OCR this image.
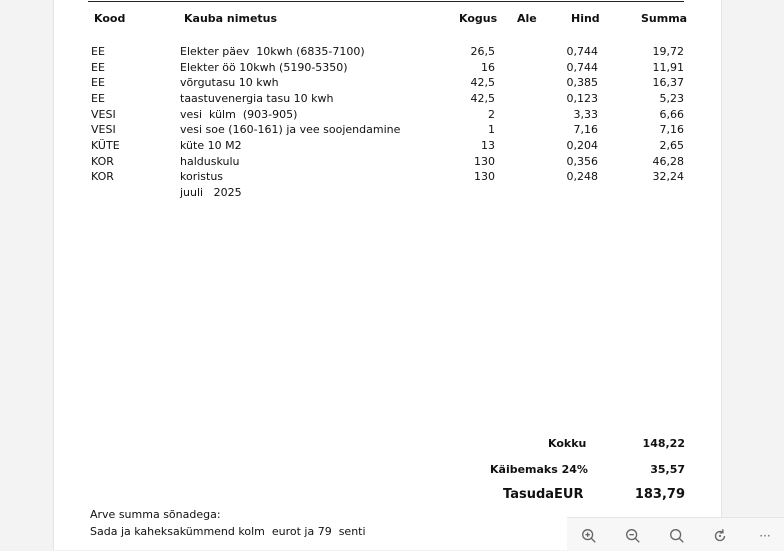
Kood	Kauba nimetus	Kogus Ale	Hind	Summa
EE	Elekter päev  10kwh (6835-7100)	26,5	0,744	19,72
EE	Elekter öö 10kwh (5190-5350)	16	0,744	11,91
EE	võrgutasu 10 kwh	42,5	0,385	16,37
EE	taastuvenergia tasu 10 kwh	42,5	0,123	5,23
VESI	vesi  külm  (903-905)	2	3,33	6,66
VESI	vesi soe (160-161) ja vee soojendamine	1	7,16	7,16
KÜTE	küte 10 M2	13	0,204	2,65
KOR	halduskulu	130	0,356	46,28
KOR	koristus	130	0,248	32,24
juuli   2025
Kokku	148,22
Käibemaks 24%	35,57
TasudaEUR	183,79
Arve summa sõnadega:
Sada ja kaheksakümmend kolm  eurot ja 79  senti	···
